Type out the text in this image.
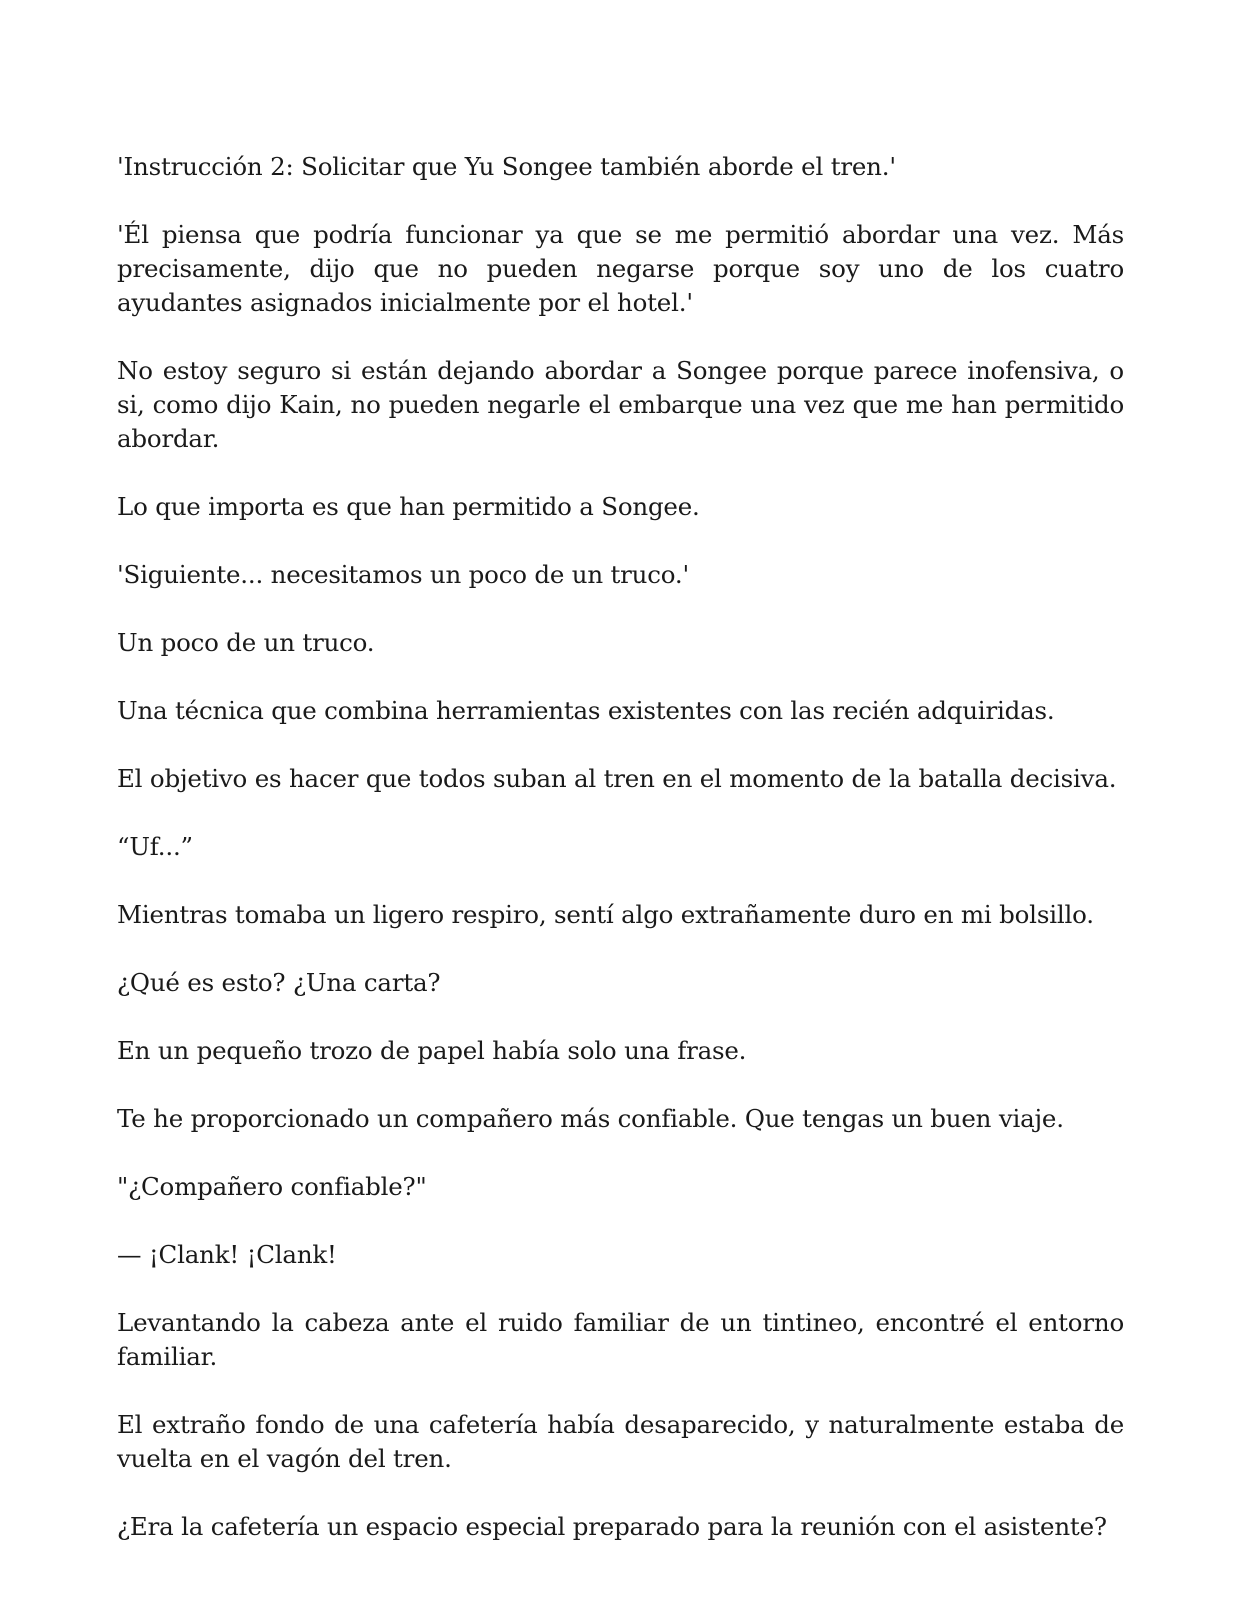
'Instrucción 2: Solicitar que Yu Songee también aborde el tren.'

'Él piensa que podría funcionar ya que se me permitió abordar una vez. Más precisamente, dijo que no pueden negarse porque soy uno de los cuatro ayudantes asignados inicialmente por el hotel.'

No estoy seguro si están dejando abordar a Songee porque parece inofensiva, o si, como dijo Kain, no pueden negarle el embarque una vez que me han permitido abordar.

Lo que importa es que han permitido a Songee.

'Siguiente... necesitamos un poco de un truco.'

Un poco de un truco.

Una técnica que combina herramientas existentes con las recién adquiridas.

El objetivo es hacer que todos suban al tren en el momento de la batalla decisiva.

“Uf...”

Mientras tomaba un ligero respiro, sentí algo extrañamente duro en mi bolsillo.

¿Qué es esto? ¿Una carta?

En un pequeño trozo de papel había solo una frase.

Te he proporcionado un compañero más confiable. Que tengas un buen viaje.

"¿Compañero confiable?"

— ¡Clank! ¡Clank!

Levantando la cabeza ante el ruido familiar de un tintineo, encontré el entorno familiar.

El extraño fondo de una cafetería había desaparecido, y naturalmente estaba de vuelta en el vagón del tren.

¿Era la cafetería un espacio especial preparado para la reunión con el asistente?
